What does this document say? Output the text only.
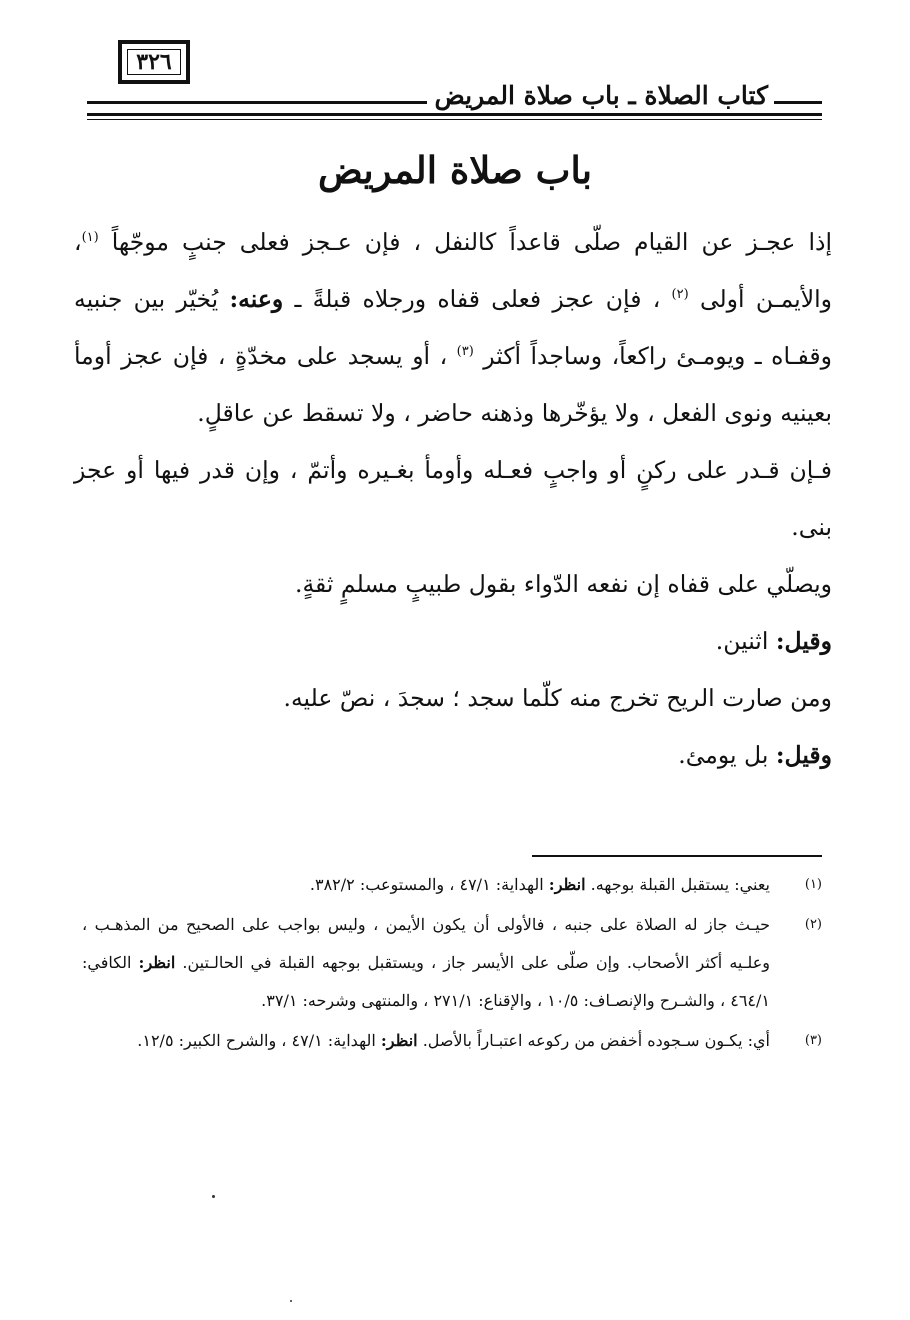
٣٢٦
كتاب الصلاة ـ باب صلاة المريض
باب صلاة المريض

إذا عجـز عن القيام صلّى قاعداً كالنفل ، فإن عـجز فعلى جنبٍ موجّهاً $^{(١)}$، والأيمـن أولى $^{(٢)}$ ، فإن عجز فعلى قفاه ورجلاه قبلةً ـ وعنه: يُخيّر بين جنبيه وقفـاه ـ ويومـئ راكعاً، وساجداً أكثر $^{(٣)}$ ، أو يسجد على مخدّةٍ ، فإن عجز أومأ بعينيه ونوى الفعل ، ولا يؤخّرها وذهنه حاضر ، ولا تسقط عن عاقلٍ.

فـإن قـدر على ركنٍ أو واجبٍ فعـله وأومأ بغـيره وأتمّ ، وإن قدر فيها أو عجز بنى.

ويصلّي على قفاه إن نفعه الدّواء بقول طبيبٍ مسلمٍ ثقةٍ.

وقيل: اثنين.

ومن صارت الريح تخرج منه كلّما سجد ؛ سجدَ ، نصّ عليه.

وقيل: بل يومئ.

(١)
يعني: يستقبل القبلة بوجهه. انظر: الهداية: ٤٧/١ ، والمستوعب: ٣٨٢/٢.
(٢)
حيـث جاز له الصلاة على جنبه ، فالأولى أن يكون الأيمن ، وليس بواجب على الصحيح من المذهـب ، وعلـيه أكثر الأصحاب. وإن صلّى على الأيسر جاز ، ويستقبل بوجهه القبلة في الحالـتين. انظر: الكافي: ٤٦٤/١ ، والشـرح والإنصـاف: ١٠/٥ ، والإقناع: ٢٧١/١ ، والمنتهى وشرحه: ٣٧/١.
(٣)
أي: يكـون سـجوده أخفض من ركوعه اعتبـاراً بالأصل. انظر: الهداية: ٤٧/١ ، والشرح الكبير: ١٢/٥.
